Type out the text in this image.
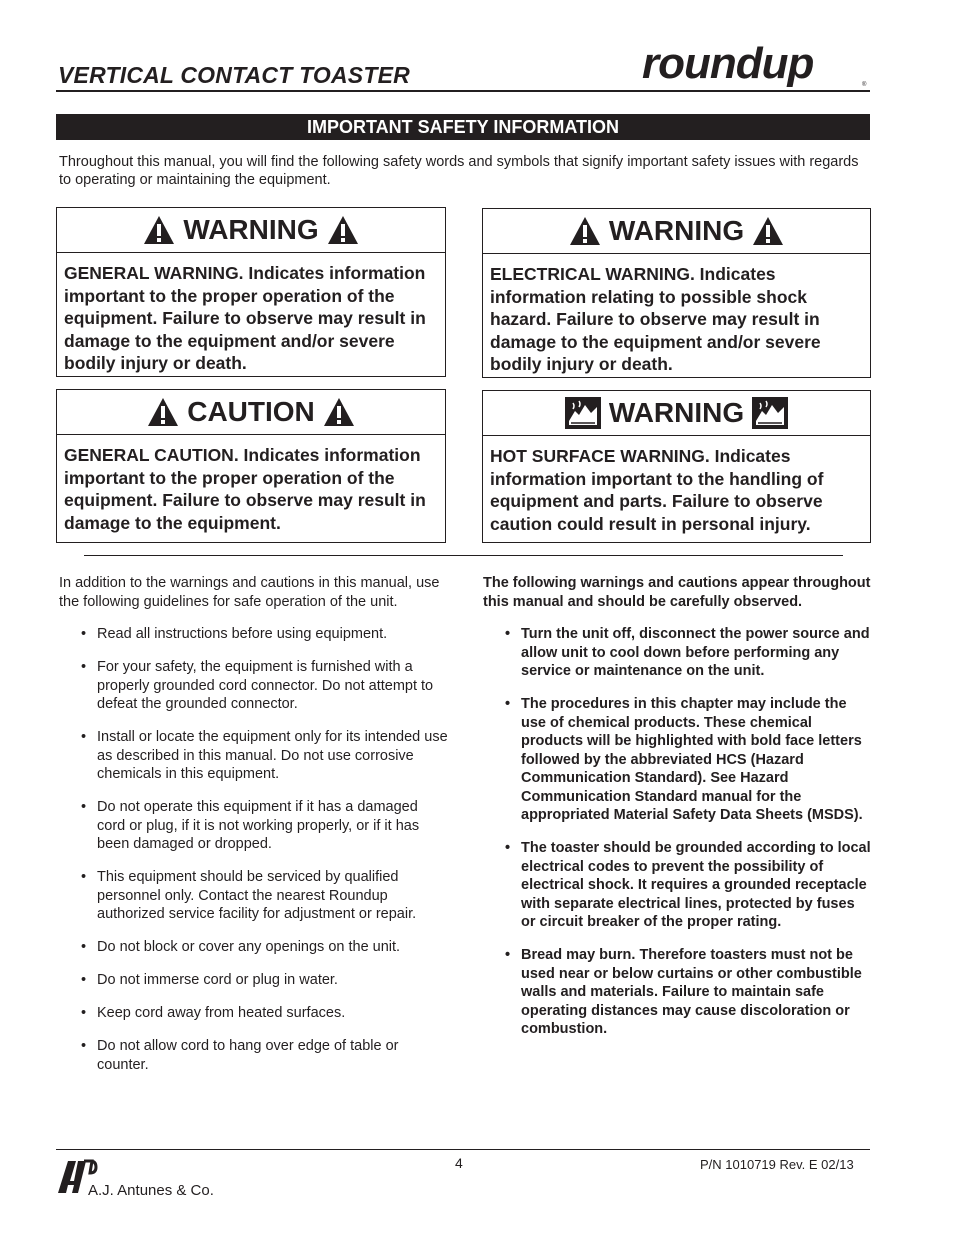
VERTICAL CONTACT TOASTER	roundup	®
IMPORTANT SAFETY INFORMATION
Throughout this manual, you will find the following safety words and symbols that signify important safety issues with regards to operating or maintaining the equipment.
WARNING
GENERAL WARNING. Indicates information important to the proper operation of the equipment. Failure to observe may result in damage to the equipment and/or severe bodily injury or death.
WARNING
ELECTRICAL WARNING. Indicates information relating to possible shock hazard. Failure to observe may result in damage to the equipment and/or severe bodily injury or death.
CAUTION
GENERAL CAUTION. Indicates information important to the proper operation of the equipment. Failure to observe may result in damage to the equipment.
WARNING
HOT SURFACE WARNING. Indicates information important to the handling of equipment and parts. Failure to observe caution could result in personal injury.

In addition to the warnings and cautions in this manual, use the following guidelines for safe operation of the unit.

• Read all instructions before using equipment.
• For your safety, the equipment is furnished with a properly grounded cord connector. Do not attempt to defeat the grounded connector.
• Install or locate the equipment only for its intended use as described in this manual. Do not use corrosive chemicals in this equipment.
• Do not operate this equipment if it has a damaged cord or plug, if it is not working properly, or if it has been damaged or dropped.
• This equipment should be serviced by qualified personnel only. Contact the nearest Roundup authorized service facility for adjustment or repair.
• Do not block or cover any openings on the unit.
• Do not immerse cord or plug in water.
• Keep cord away from heated surfaces.
• Do not allow cord to hang over edge of table or counter.

The following warnings and cautions appear throughout this manual and should be carefully observed.

• Turn the unit off, disconnect the power source and allow unit to cool down before performing any service or maintenance on the unit.
• The procedures in this chapter may include the use of chemical products. These chemical products will be highlighted with bold face letters followed by the abbreviated HCS (Hazard Communication Standard). See Hazard Communication Standard manual for the appropriated Material Safety Data Sheets (MSDS).
• The toaster should be grounded according to local electrical codes to prevent the possibility of electrical shock. It requires a grounded receptacle with separate electrical lines, protected by fuses or circuit breaker of the proper rating.
• Bread may burn. Therefore toasters must not be used near or below curtains or other combustible walls and materials. Failure to maintain safe operating distances may cause discoloration or combustion.
A.J. Antunes & Co.
4	P/N 1010719 Rev. E 02/13
